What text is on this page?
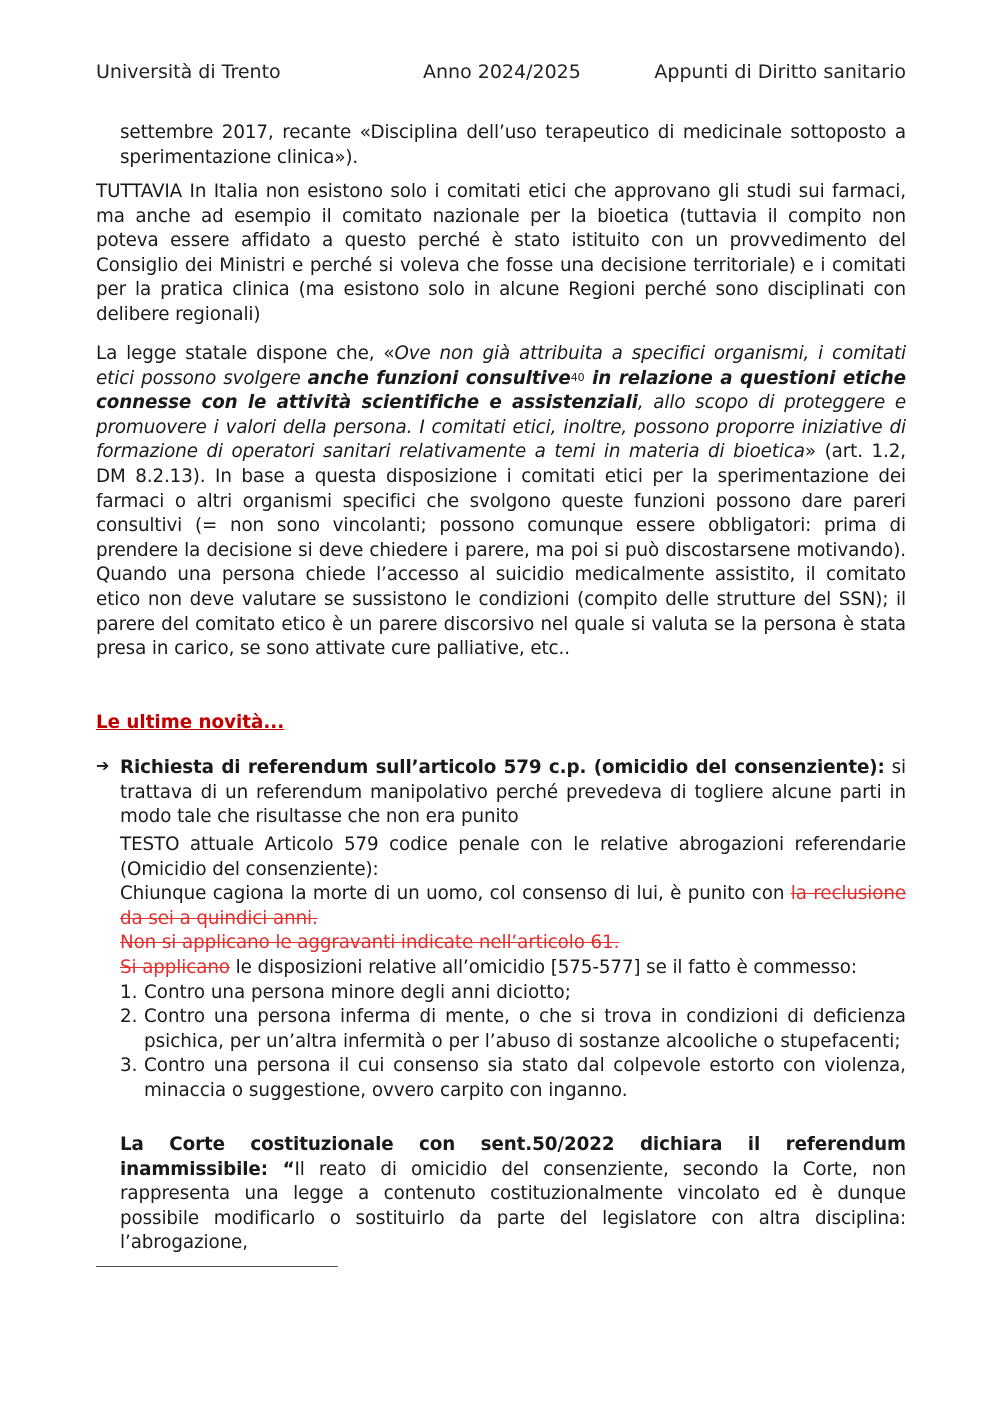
Università di Trento	Anno 2024/2025	Appunti di Diritto sanitario

settembre 2017, recante «Disciplina dell’uso terapeutico di medicinale sottoposto a sperimentazione clinica»).

TUTTAVIA In Italia non esistono solo i comitati etici che approvano gli studi sui farmaci, ma anche ad esempio il comitato nazionale per la bioetica (tuttavia il compito non poteva essere affidato a questo perché è stato istituito con un provvedimento del Consiglio dei Ministri e perché si voleva che fosse una decisione territoriale) e i comitati per la pratica clinica (ma esistono solo in alcune Regioni perché sono disciplinati con delibere regionali)

La legge statale dispone che, «Ove non già attribuita a specifici organismi, i comitati etici possono svolgere anche funzioni consultive$^{40}$ in relazione a questioni etiche connesse con le attività scientifiche e assistenziali, allo scopo di proteggere e promuovere i valori della persona. I comitati etici, inoltre, possono proporre iniziative di formazione di operatori sanitari relativamente a temi in materia di bioetica» (art. 1.2, DM 8.2.13). In base a questa disposizione i comitati etici per la sperimentazione dei farmaci o altri organismi specifici che svolgono queste funzioni possono dare pareri consultivi (= non sono vincolanti; possono comunque essere obbligatori: prima di prendere la decisione si deve chiedere i parere, ma poi si può discostarsene motivando). Quando una persona chiede l’accesso al suicidio medicalmente assistito, il comitato etico non deve valutare se sussistono le condizioni (compito delle strutture del SSN); il parere del comitato etico è un parere discorsivo nel quale si valuta se la persona è stata presa in carico, se sono attivate cure palliative, etc..

Le ultime novità...
➔ Richiesta di referendum sull’articolo 579 c.p. (omicidio del consenziente): si trattava di un referendum manipolativo perché prevedeva di togliere alcune parti in modo tale che risultasse che non era punito

TESTO attuale Articolo 579 codice penale con le relative abrogazioni referendarie (Omicidio del consenziente):

Chiunque cagiona la morte di un uomo, col consenso di lui, è punito con la reclusione da sei a quindici anni.

Non si applicano le aggravanti indicate nell’articolo 61.

Si applicano le disposizioni relative all’omicidio [575-577] se il fatto è commesso:

1. Contro una persona minore degli anni diciotto;
2. Contro una persona inferma di mente, o che si trova in condizioni di deficienza psichica, per un’altra infermità o per l’abuso di sostanze alcooliche o stupefacenti;
3. Contro una persona il cui consenso sia stato dal colpevole estorto con violenza, minaccia o suggestione, ovvero carpito con inganno.

La Corte costituzionale con sent.50/2022 dichiara il referendum inammissibile: “Il reato di omicidio del consenziente, secondo la Corte, non rappresenta una legge a contenuto costituzionalmente vincolato ed è dunque possibile modificarlo o sostituirlo da parte del legislatore con altra disciplina: l’abrogazione,
